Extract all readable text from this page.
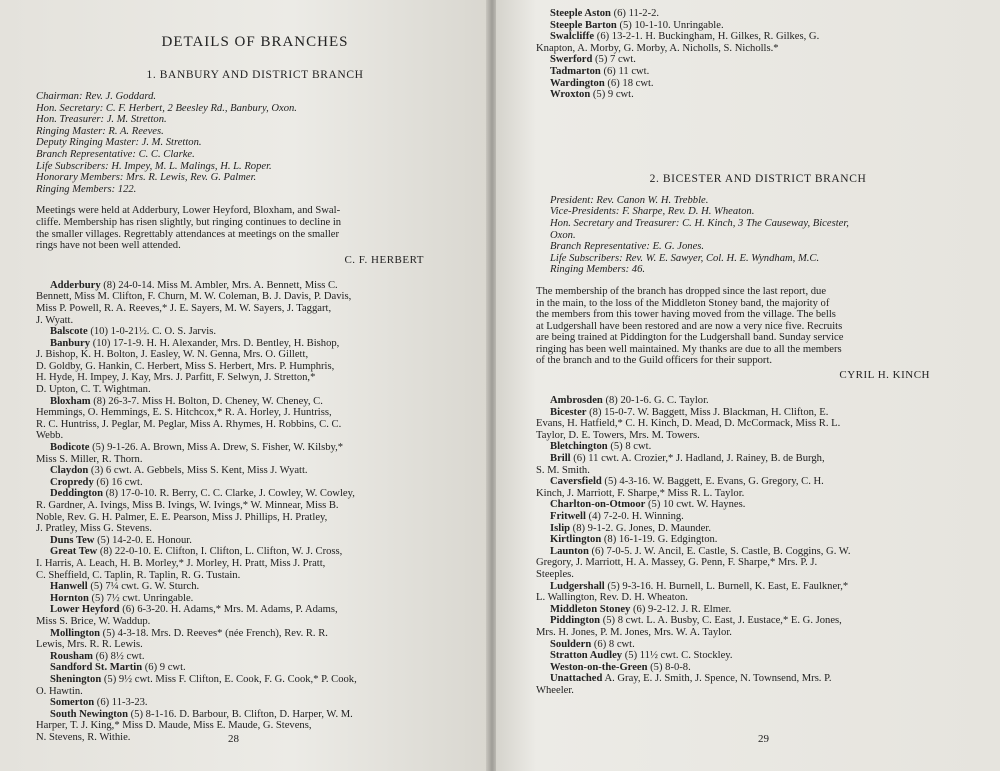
DETAILS OF BRANCHES
1. BANBURY AND DISTRICT BRANCH
Chairman: Rev. J. Goddard.
Hon. Secretary: C. F. Herbert, 2 Beesley Rd., Banbury, Oxon.
Hon. Treasurer: J. M. Stretton.
Ringing Master: R. A. Reeves.
Deputy Ringing Master: J. M. Stretton.
Branch Representative: C. C. Clarke.
Life Subscribers: H. Impey, M. L. Malings, H. L. Roper.
Honorary Members: Mrs. R. Lewis, Rev. G. Palmer.
Ringing Members: 122.
Meetings were held at Adderbury, Lower Heyford, Bloxham, and Swal-
cliffe. Membership has risen slightly, but ringing continues to decline in
the smaller villages. Regrettably attendances at meetings on the smaller
rings have not been well attended.
C. F. HERBERT
Adderbury (8) 24-0-14. Miss M. Ambler, Mrs. A. Bennett, Miss C.
Bennett, Miss M. Clifton, F. Churn, M. W. Coleman, B. J. Davis, P. Davis,
Miss P. Powell, R. A. Reeves,* J. E. Sayers, M. W. Sayers, J. Taggart,
J. Wyatt.
Balscote (10) 1-0-21½. C. O. S. Jarvis.
Banbury (10) 17-1-9. H. H. Alexander, Mrs. D. Bentley, H. Bishop,
J. Bishop, K. H. Bolton, J. Easley, W. N. Genna, Mrs. O. Gillett,
D. Goldby, G. Hankin, C. Herbert, Miss S. Herbert, Mrs. P. Humphris,
H. Hyde, H. Impey, J. Kay, Mrs. J. Parfitt, F. Selwyn, J. Stretton,*
D. Upton, C. T. Wightman.
Bloxham (8) 26-3-7. Miss H. Bolton, D. Cheney, W. Cheney, C.
Hemmings, O. Hemmings, E. S. Hitchcox,* R. A. Horley, J. Huntriss,
R. C. Huntriss, J. Peglar, M. Peglar, Miss A. Rhymes, H. Robbins, C. C.
Webb.
Bodicote (5) 9-1-26. A. Brown, Miss A. Drew, S. Fisher, W. Kilsby,*
Miss S. Miller, R. Thorn.
Claydon (3) 6 cwt. A. Gebbels, Miss S. Kent, Miss J. Wyatt.
Cropredy (6) 16 cwt.
Deddington (8) 17-0-10. R. Berry, C. C. Clarke, J. Cowley, W. Cowley,
R. Gardner, A. Ivings, Miss B. Ivings, W. Ivings,* W. Minnear, Miss B.
Noble, Rev. G. H. Palmer, E. E. Pearson, Miss J. Phillips, H. Pratley,
J. Pratley, Miss G. Stevens.
Duns Tew (5) 14-2-0. E. Honour.
Great Tew (8) 22-0-10. E. Clifton, I. Clifton, L. Clifton, W. J. Cross,
I. Harris, A. Leach, H. B. Morley,* J. Morley, H. Pratt, Miss J. Pratt,
C. Sheffield, C. Taplin, R. Taplin, R. G. Tustain.
Hanwell (5) 7¼ cwt. G. W. Sturch.
Hornton (5) 7½ cwt. Unringable.
Lower Heyford (6) 6-3-20. H. Adams,* Mrs. M. Adams, P. Adams,
Miss S. Brice, W. Waddup.
Mollington (5) 4-3-18. Mrs. D. Reeves* (née French), Rev. R. R.
Lewis, Mrs. R. R. Lewis.
Rousham (6) 8½ cwt.
Sandford St. Martin (6) 9 cwt.
Shenington (5) 9½ cwt. Miss F. Clifton, E. Cook, F. G. Cook,* P. Cook,
O. Hawtin.
Somerton (6) 11-3-23.
South Newington (5) 8-1-16. D. Barbour, B. Clifton, D. Harper, W. M.
Harper, T. J. King,* Miss D. Maude, Miss E. Maude, G. Stevens,
N. Stevens, R. Withie.	28
Steeple Aston (6) 11-2-2.
Steeple Barton (5) 10-1-10. Unringable.
Swalcliffe (6) 13-2-1. H. Buckingham, H. Gilkes, R. Gilkes, G.
Knapton, A. Morby, G. Morby, A. Nicholls, S. Nicholls.*
Swerford (5) 7 cwt.
Tadmarton (6) 11 cwt.
Wardington (6) 18 cwt.
Wroxton (5) 9 cwt.
2. BICESTER AND DISTRICT BRANCH
President: Rev. Canon W. H. Trebble.
Vice-Presidents: F. Sharpe, Rev. D. H. Wheaton.
Hon. Secretary and Treasurer: C. H. Kinch, 3 The Causeway, Bicester,
Oxon.
Branch Representative: E. G. Jones.
Life Subscribers: Rev. W. E. Sawyer, Col. H. E. Wyndham, M.C.
Ringing Members: 46.
The membership of the branch has dropped since the last report, due
in the main, to the loss of the Middleton Stoney band, the majority of
the members from this tower having moved from the village. The bells
at Ludgershall have been restored and are now a very nice five. Recruits
are being trained at Piddington for the Ludgershall band. Sunday service
ringing has been well maintained. My thanks are due to all the members
of the branch and to the Guild officers for their support.
CYRIL H. KINCH
Ambrosden (8) 20-1-6. G. C. Taylor.
Bicester (8) 15-0-7. W. Baggett, Miss J. Blackman, H. Clifton, E.
Evans, H. Hatfield,* C. H. Kinch, D. Mead, D. McCormack, Miss R. L.
Taylor, D. E. Towers, Mrs. M. Towers.
Bletchington (5) 8 cwt.
Brill (6) 11 cwt. A. Crozier,* J. Hadland, J. Rainey, B. de Burgh,
S. M. Smith.
Caversfield (5) 4-3-16. W. Baggett, E. Evans, G. Gregory, C. H.
Kinch, J. Marriott, F. Sharpe,* Miss R. L. Taylor.
Charlton-on-Otmoor (5) 10 cwt. W. Haynes.
Fritwell (4) 7-2-0. H. Winning.
Islip (8) 9-1-2. G. Jones, D. Maunder.
Kirtlington (8) 16-1-19. G. Edgington.
Launton (6) 7-0-5. J. W. Ancil, E. Castle, S. Castle, B. Coggins, G. W.
Gregory, J. Marriott, H. A. Massey, G. Penn, F. Sharpe,* Mrs. P. J.
Steeples.
Ludgershall (5) 9-3-16. H. Burnell, L. Burnell, K. East, E. Faulkner,*
L. Wallington, Rev. D. H. Wheaton.
Middleton Stoney (6) 9-2-12. J. R. Elmer.
Piddington (5) 8 cwt. L. A. Busby, C. East, J. Eustace,* E. G. Jones,
Mrs. H. Jones, P. M. Jones, Mrs. W. A. Taylor.
Souldern (6) 8 cwt.
Stratton Audley (5) 11½ cwt. C. Stockley.
Weston-on-the-Green (5) 8-0-8.
Unattached A. Gray, E. J. Smith, J. Spence, N. Townsend, Mrs. P.
Wheeler.
29
